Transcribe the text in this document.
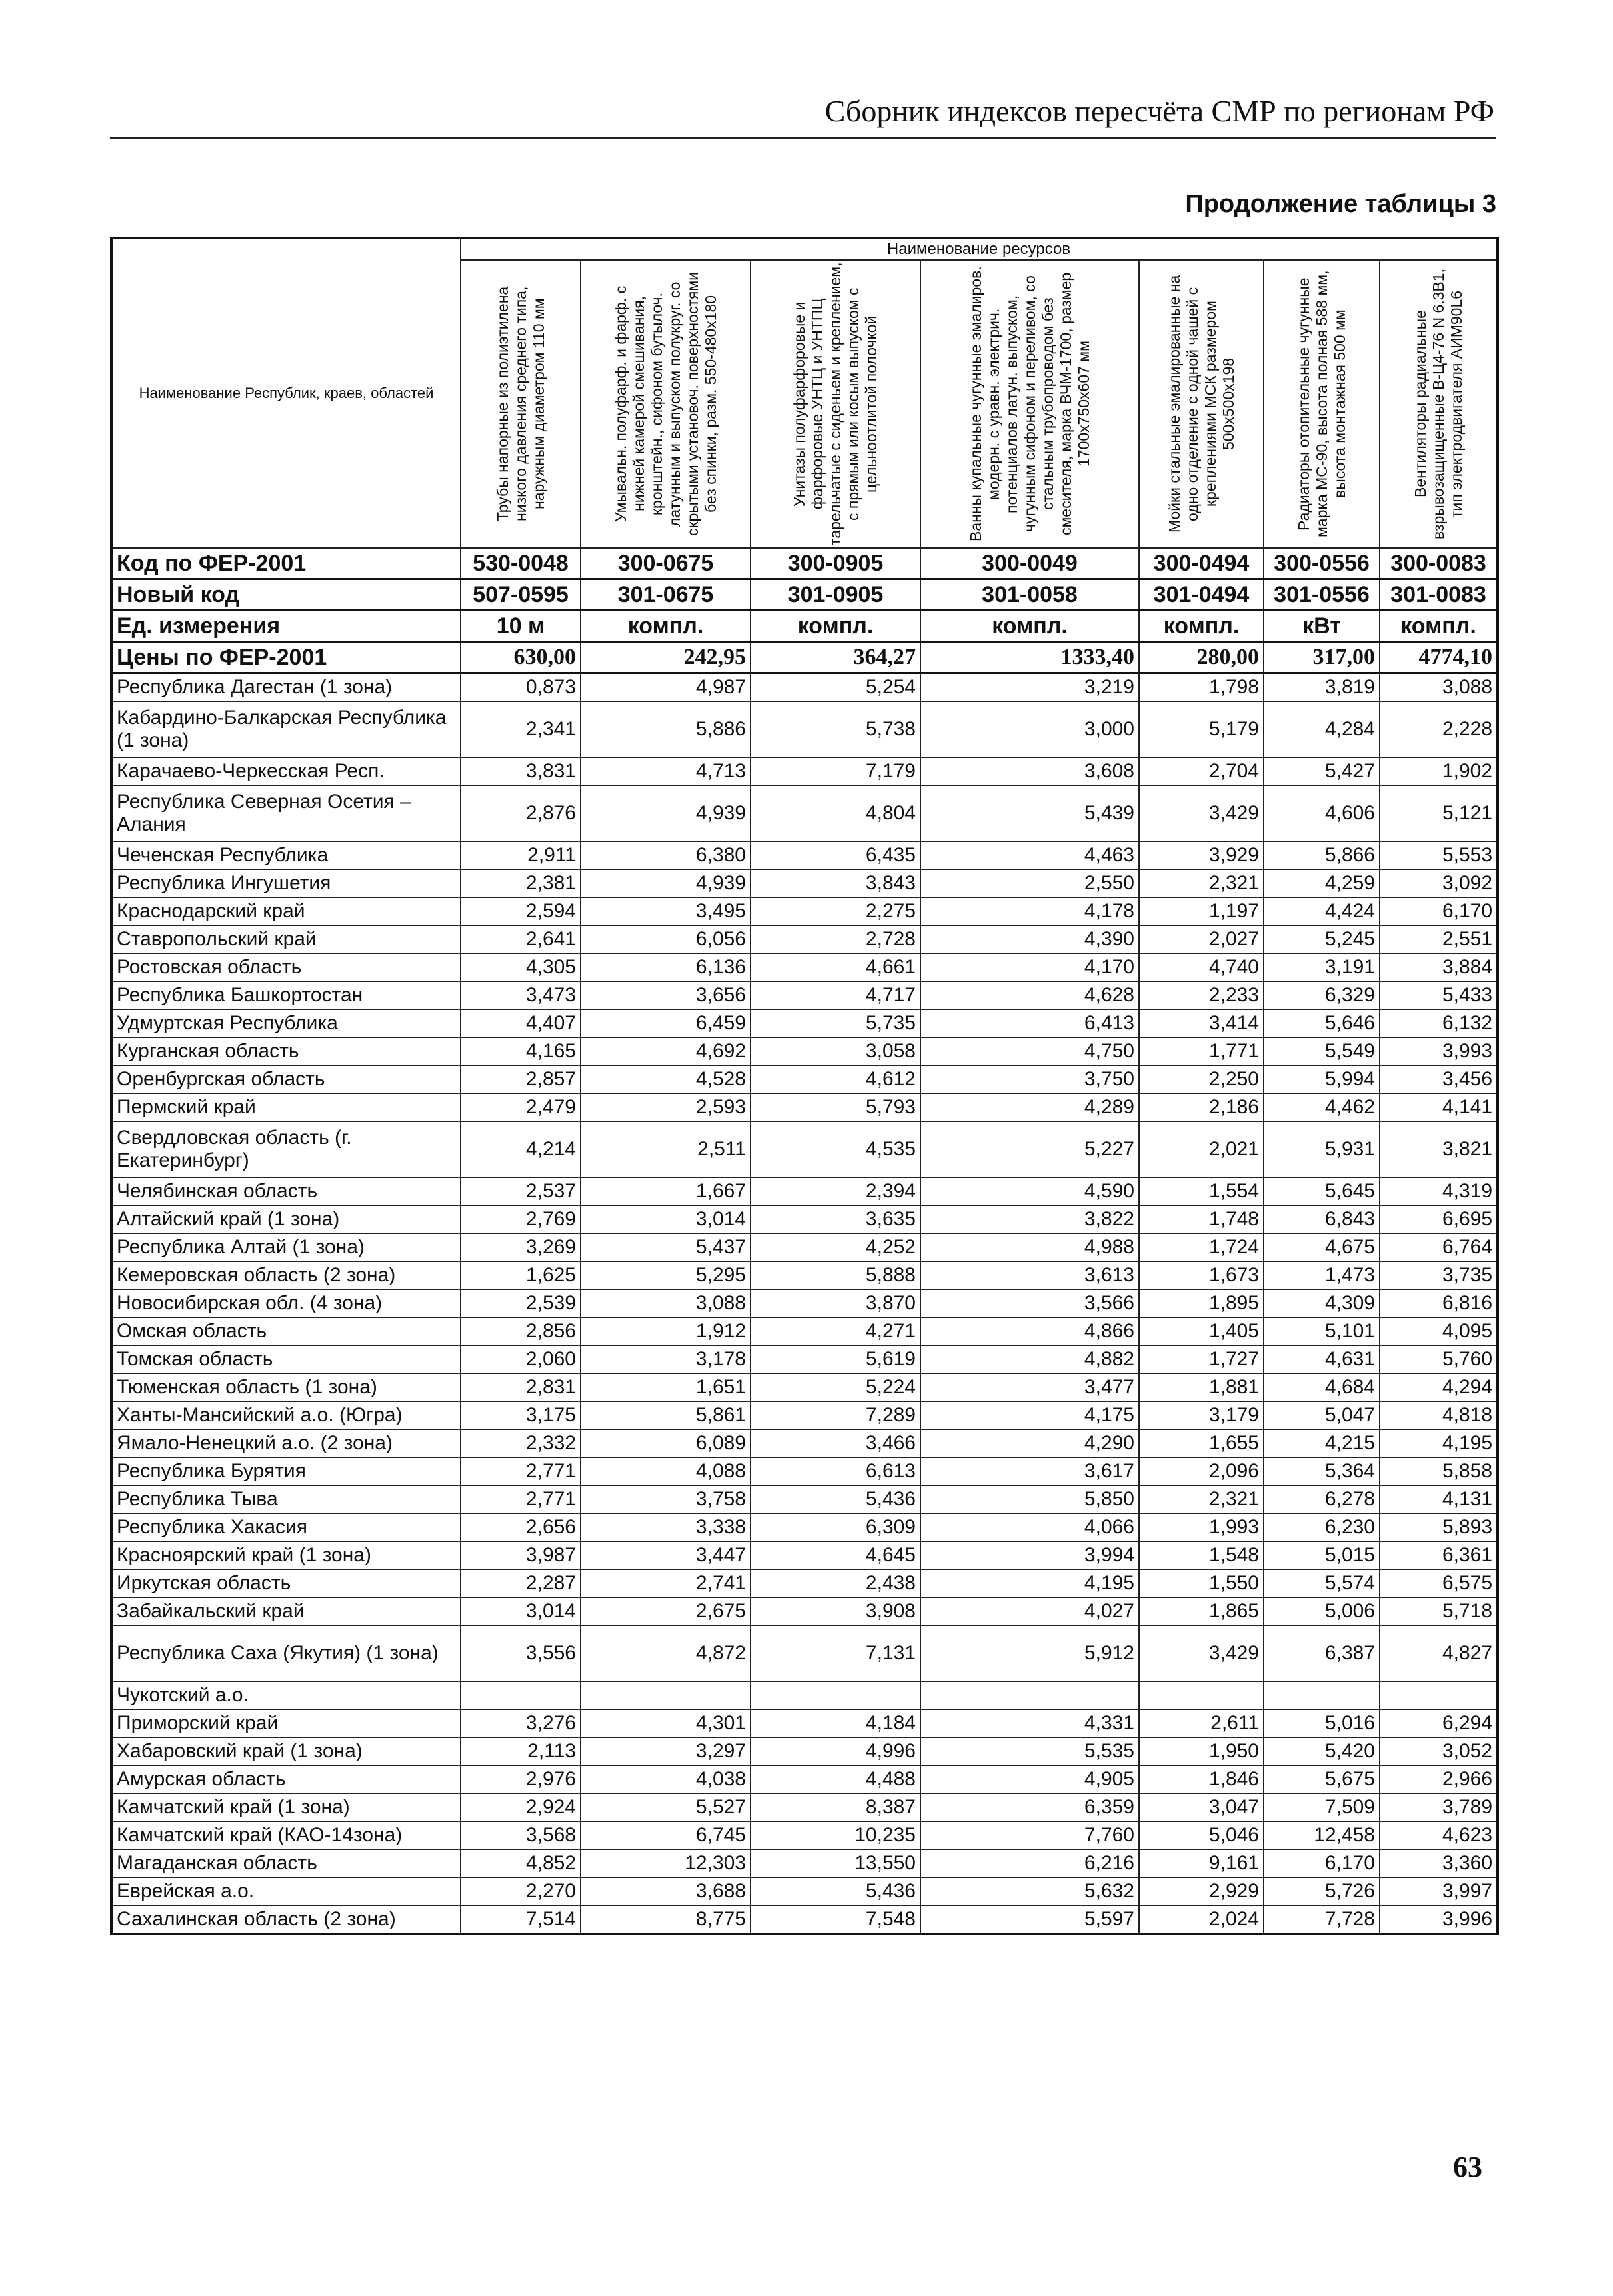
Сборник индексов пересчёта СМР по регионам РФ
Продолжение таблицы 3
Наименование Республик, краев, областей	Наименование ресурсов						

	Трубы напорные из полиэтилена низкого давления среднего типа, наружным диаметром 110 мм	Умывальн. полуфарф. и фарф. с нижней камерой смешивания, кронштейн., сифоном бутылоч. латунным и выпуском полукруг. со скрытыми установоч. поверхностями без спинки, разм. 550-480х180	Унитазы полуфарфоровые и фарфоровые УНТЦ и УНТПЦ тарельчатые с сиденьем и креплением, с прямым или косым выпуском с цельноотлитой полочкой	Ванны купальные чугунные эмалиров. модерн. с уравн. электрич. потенциалов латун. выпуском, чугунным сифоном и переливом, со стальным трубопроводом без смесителя, марка ВЧМ-1700, размер 1700х750х607 мм	Мойки стальные эмалированные на одно отделение с одной чашей с креплениями МСК размером 500х500х198	Радиаторы отопительные чугунные марка МС-90, высота полная 588 мм, высота монтажная 500 мм	Вентиляторы радиальные взрывозащищенные В-Ц4-76 N 6.3В1, тип электродвигателя АИМ90L6

Код по ФЕР-2001	530-0048	300-0675	300-0905	300-0049	300-0494	300-0556	300-0083
Новый код	507-0595	301-0675	301-0905	301-0058	301-0494	301-0556	301-0083
Ед. измерения	10 м	компл.	компл.	компл.	компл.	кВт	компл.
Цены по ФЕР-2001	630,00	242,95	364,27	1333,40	280,00	317,00	4774,10
Республика Дагестан (1 зона)	0,873	4,987	5,254	3,219	1,798	3,819	3,088
Кабардино-Балкарская Республика (1 зона)	2,341	5,886	5,738	3,000	5,179	4,284	2,228
Карачаево-Черкесская Респ.	3,831	4,713	7,179	3,608	2,704	5,427	1,902
Республика Северная Осетия – Алания	2,876	4,939	4,804	5,439	3,429	4,606	5,121
Чеченская Республика	2,911	6,380	6,435	4,463	3,929	5,866	5,553
Республика Ингушетия	2,381	4,939	3,843	2,550	2,321	4,259	3,092
Краснодарский край	2,594	3,495	2,275	4,178	1,197	4,424	6,170
Ставропольский край	2,641	6,056	2,728	4,390	2,027	5,245	2,551
Ростовская область	4,305	6,136	4,661	4,170	4,740	3,191	3,884
Республика Башкортостан	3,473	3,656	4,717	4,628	2,233	6,329	5,433
Удмуртская Республика	4,407	6,459	5,735	6,413	3,414	5,646	6,132
Курганская область	4,165	4,692	3,058	4,750	1,771	5,549	3,993
Оренбургская область	2,857	4,528	4,612	3,750	2,250	5,994	3,456
Пермский край	2,479	2,593	5,793	4,289	2,186	4,462	4,141
Свердловская область (г. Екатеринбург)	4,214	2,511	4,535	5,227	2,021	5,931	3,821
Челябинская область	2,537	1,667	2,394	4,590	1,554	5,645	4,319
Алтайский край (1 зона)	2,769	3,014	3,635	3,822	1,748	6,843	6,695
Республика Алтай (1 зона)	3,269	5,437	4,252	4,988	1,724	4,675	6,764
Кемеровская область (2 зона)	1,625	5,295	5,888	3,613	1,673	1,473	3,735
Новосибирская обл. (4 зона)	2,539	3,088	3,870	3,566	1,895	4,309	6,816
Омская область	2,856	1,912	4,271	4,866	1,405	5,101	4,095
Томская область	2,060	3,178	5,619	4,882	1,727	4,631	5,760
Тюменская область (1 зона)	2,831	1,651	5,224	3,477	1,881	4,684	4,294
Ханты-Мансийский а.о. (Югра)	3,175	5,861	7,289	4,175	3,179	5,047	4,818
Ямало-Ненецкий а.о. (2 зона)	2,332	6,089	3,466	4,290	1,655	4,215	4,195
Республика Бурятия	2,771	4,088	6,613	3,617	2,096	5,364	5,858
Республика Тыва	2,771	3,758	5,436	5,850	2,321	6,278	4,131
Республика Хакасия	2,656	3,338	6,309	4,066	1,993	6,230	5,893
Красноярский край (1 зона)	3,987	3,447	4,645	3,994	1,548	5,015	6,361
Иркутская область	2,287	2,741	2,438	4,195	1,550	5,574	6,575
Забайкальский край	3,014	2,675	3,908	4,027	1,865	5,006	5,718
Республика Саха (Якутия) (1 зона)	3,556	4,872	7,131	5,912	3,429	6,387	4,827
Чукотский а.о.							
Приморский край	3,276	4,301	4,184	4,331	2,611	5,016	6,294
Хабаровский край (1 зона)	2,113	3,297	4,996	5,535	1,950	5,420	3,052
Амурская область	2,976	4,038	4,488	4,905	1,846	5,675	2,966
Камчатский край (1 зона)	2,924	5,527	8,387	6,359	3,047	7,509	3,789
Камчатский край (КАО-14зона)	3,568	6,745	10,235	7,760	5,046	12,458	4,623
Магаданская область	4,852	12,303	13,550	6,216	9,161	6,170	3,360
Еврейская а.о.	2,270	3,688	5,436	5,632	2,929	5,726	3,997
Сахалинская область (2 зона)	7,514	8,775	7,548	5,597	2,024	7,728	3,996
63
